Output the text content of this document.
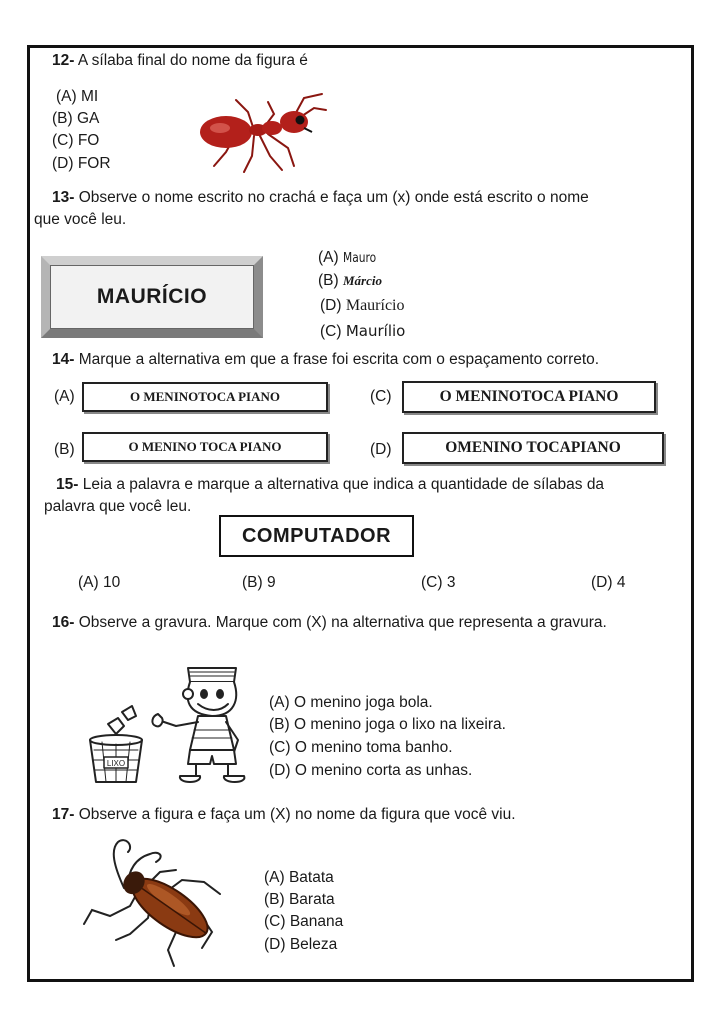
12- A sílaba final do nome da figura é
(A) MI
(B) GA
(C) FO
(D) FOR
13- Observe o nome escrito no crachá e faça um (x) onde está escrito o nome
que você leu.
MAURÍCIO
(A) Mauro
(B) Márcio
(D) Maurício
(C) Maurílio
14- Marque a alternativa em que a frase foi escrita com o espaçamento correto.
(A)	O MENINOTOCA PIANO	(C)	O MENINOTOCA PIANO
(B)	O MENINO TOCA PIANO	(D)	OMENINO TOCAPIANO
15- Leia a palavra e marque a alternativa que indica a quantidade de sílabas da
palavra que você leu.
COMPUTADOR
(A) 10	(B) 9	(C) 3	(D) 4
16- Observe a gravura. Marque com (X) na alternativa que representa a gravura.
LIXO
(A) O menino joga bola.
(B) O menino joga o lixo na lixeira.
(C) O menino toma banho.
(D) O menino corta as unhas.
17- Observe a figura e faça um (X) no nome da figura que você viu.
(A) Batata
(B) Barata
(C) Banana
(D) Beleza
